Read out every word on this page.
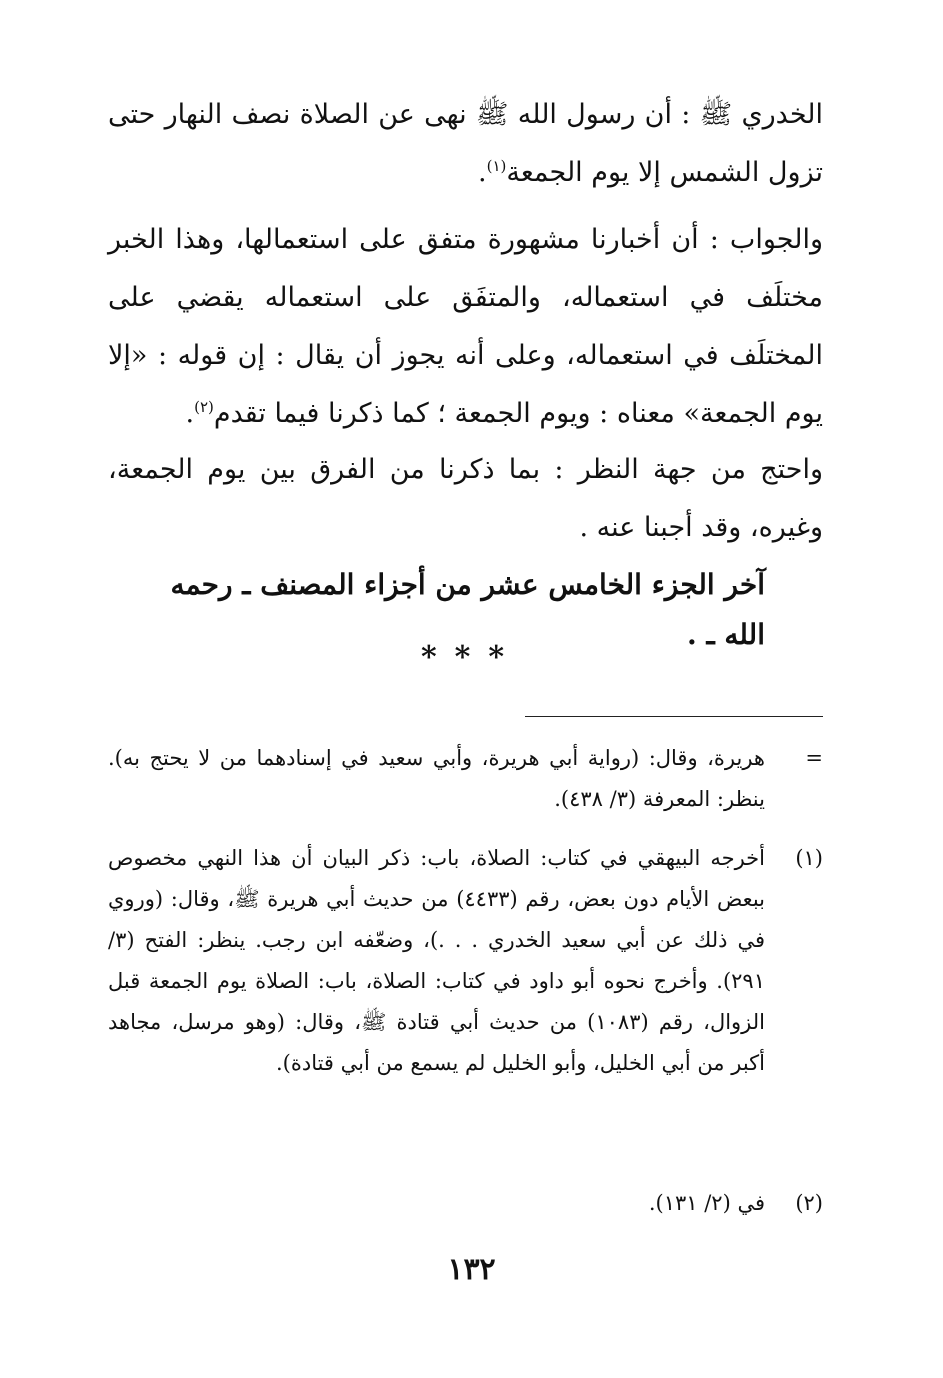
الخدري ﷺ : أن رسول الله ﷺ نهى عن الصلاة نصف النهار حتى تزول الشمس إلا يوم الجمعة$^{(١)}$.

والجواب : أن أخبارنا مشهورة متفق على استعمالها، وهذا الخبر مختلَف في استعماله، والمتفَق على استعماله يقضي على المختلَف في استعماله، وعلى أنه يجوز أن يقال : إن قوله : «إلا يوم الجمعة» معناه : ويوم الجمعة ؛ كما ذكرنا فيما تقدم$^{(٢)}$.

واحتج من جهة النظر : بما ذكرنا من الفرق بين يوم الجمعة، وغيره، وقد أجبنا عنه .

آخر الجزء الخامس عشر من أجزاء المصنف ـ رحمه الله ـ .

***
=
هريرة، وقال: (رواية أبي هريرة، وأبي سعيد في إسنادهما من لا يحتج به). ينظر: المعرفة (٣/ ٤٣٨).
(١)
أخرجه البيهقي في كتاب: الصلاة، باب: ذكر البيان أن هذا النهي مخصوص ببعض الأيام دون بعض، رقم (٤٤٣٣) من حديث أبي هريرة ﷺ، وقال: (وروي في ذلك عن أبي سعيد الخدري . . .)، وضعّفه ابن رجب. ينظر: الفتح (٣/ ٢٩١). وأخرج نحوه أبو داود في كتاب: الصلاة، باب: الصلاة يوم الجمعة قبل الزوال، رقم (١٠٨٣) من حديث أبي قتادة ﷺ، وقال: (وهو مرسل، مجاهد أكبر من أبي الخليل، وأبو الخليل لم يسمع من أبي قتادة).
(٢)
في (٢/ ١٣١).
١٣٢
